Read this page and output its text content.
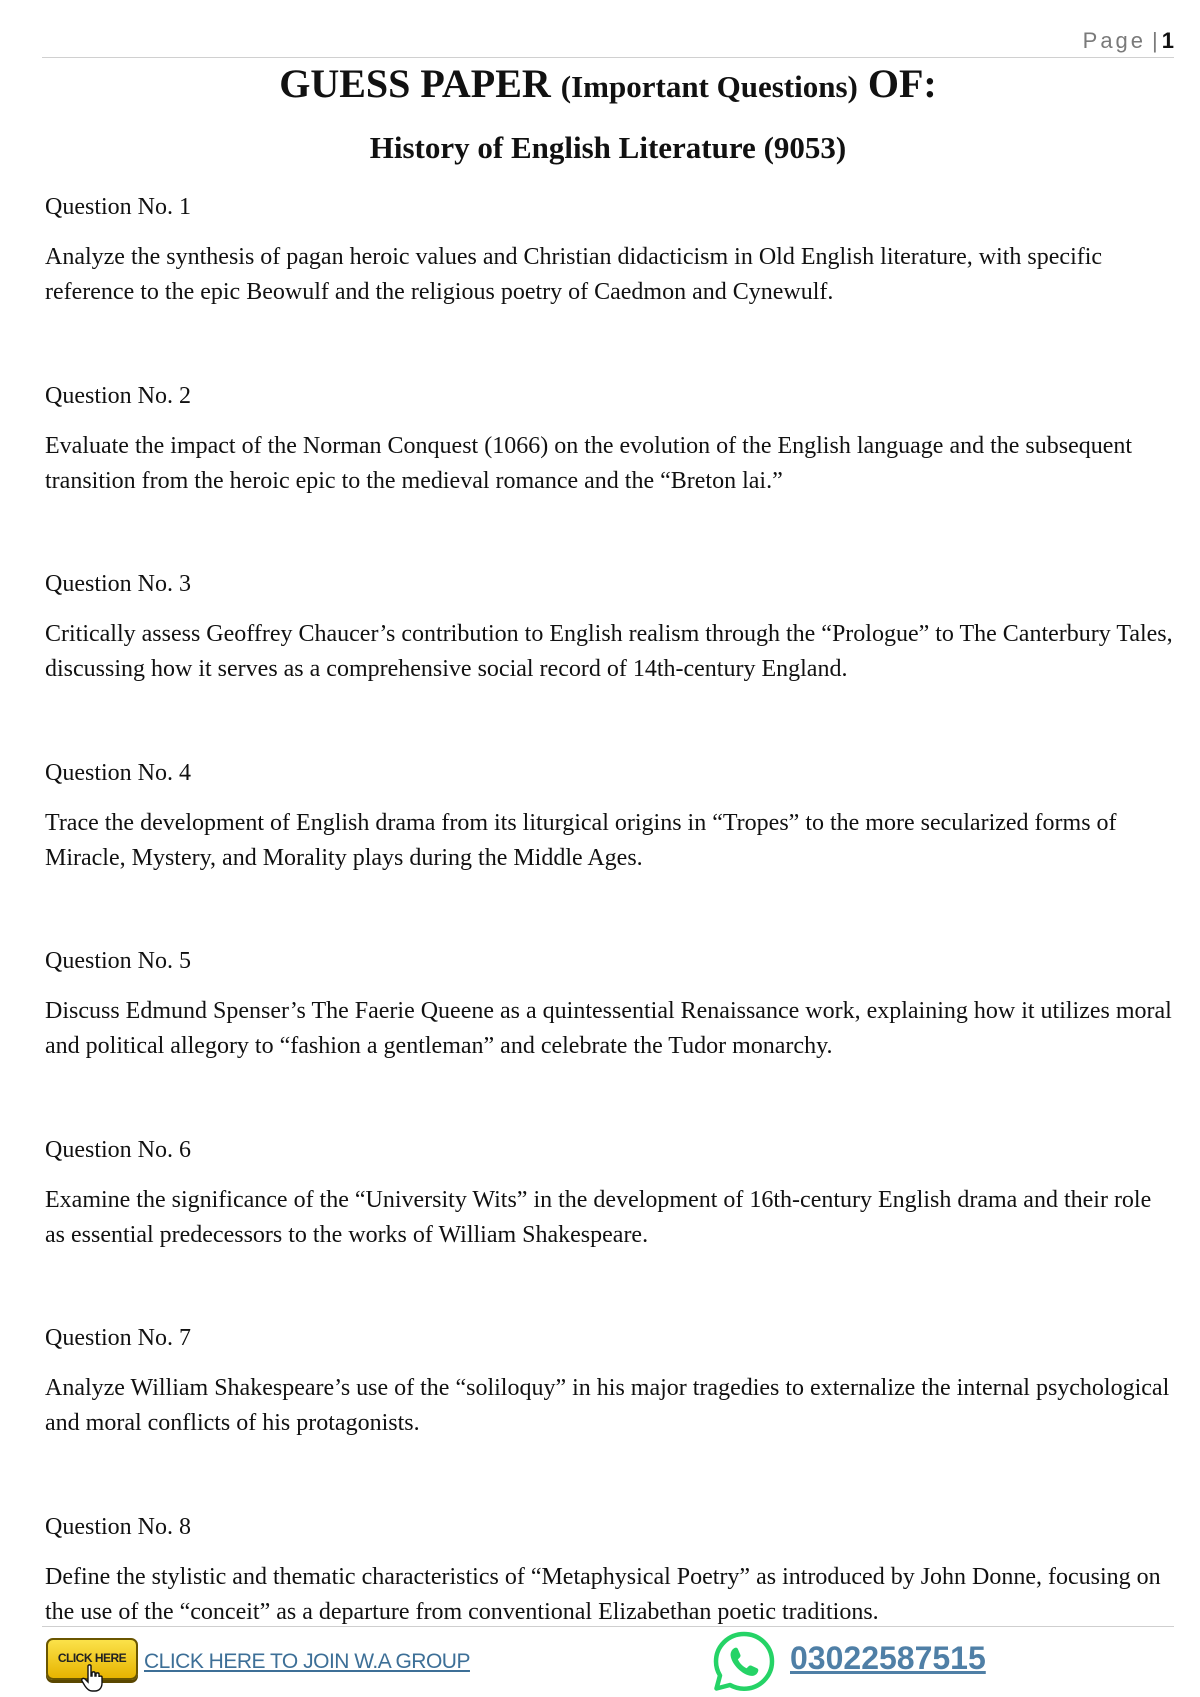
Page | 1
GUESS PAPER (Important Questions) OF:
History of English Literature (9053)

Question No. 1

Analyze the synthesis of pagan heroic values and Christian didacticism in Old English literature, with specific reference to the epic Beowulf and the religious poetry of Caedmon and Cynewulf.

Question No. 2

Evaluate the impact of the Norman Conquest (1066) on the evolution of the English language and the subsequent transition from the heroic epic to the medieval romance and the “Breton lai.”

Question No. 3

Critically assess Geoffrey Chaucer’s contribution to English realism through the “Prologue” to The Canterbury Tales, discussing how it serves as a comprehensive social record of 14th-century England.

Question No. 4

Trace the development of English drama from its liturgical origins in “Tropes” to the more secularized forms of Miracle, Mystery, and Morality plays during the Middle Ages.

Question No. 5

Discuss Edmund Spenser’s The Faerie Queene as a quintessential Renaissance work, explaining how it utilizes moral and political allegory to “fashion a gentleman” and celebrate the Tudor monarchy.

Question No. 6

Examine the significance of the “University Wits” in the development of 16th-century English drama and their role as essential predecessors to the works of William Shakespeare.

Question No. 7

Analyze William Shakespeare’s use of the “soliloquy” in his major tragedies to externalize the internal psychological and moral conflicts of his protagonists.

Question No. 8

Define the stylistic and thematic characteristics of “Metaphysical Poetry” as introduced by John Donne, focusing on the use of the “conceit” as a departure from conventional Elizabethan poetic traditions.

CLICK HERE CLICK HERE TO JOIN W.A GROUP	03022587515
